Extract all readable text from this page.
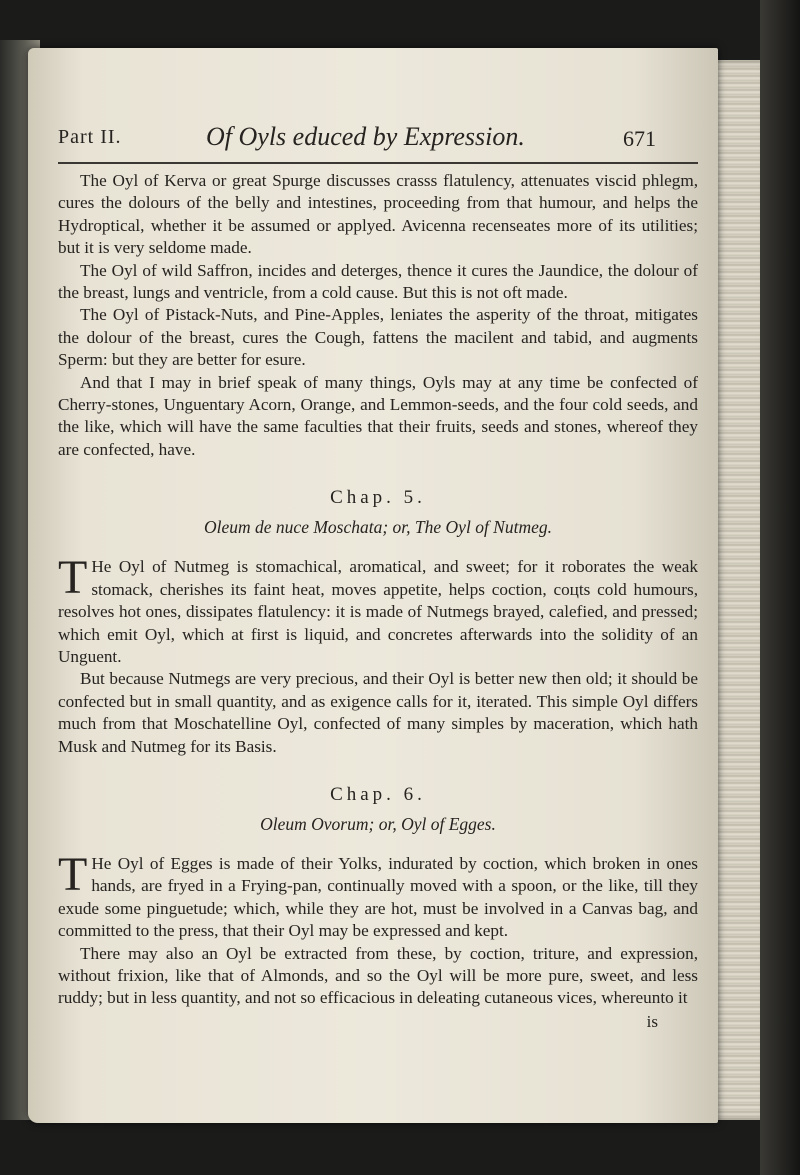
Part II.	Of Oyls educed by Expression.	671

The Oyl of Kerva or great Spurge discusses crasss flatulency, attenuates viscid phlegm, cures the dolours of the belly and intestines, proceeding from that humour, and helps the Hydroptical, whether it be assumed or applyed. Avicenna recenseates more of its utilities; but it is very seldome made.

The Oyl of wild Saffron, incides and deterges, thence it cures the Jaundice, the dolour of the breast, lungs and ventricle, from a cold cause. But this is not oft made.

The Oyl of Pistack-Nuts, and Pine-Apples, leniates the asperity of the throat, mitigates the dolour of the breast, cures the Cough, fattens the macilent and tabid, and augments Sperm: but they are better for esure.

And that I may in brief speak of many things, Oyls may at any time be confected of Cherry-stones, Unguentary Acorn, Orange, and Lemmon-seeds, and the four cold seeds, and the like, which will have the same faculties that their fruits, seeds and stones, whereof they are confected, have.

Chap. 5.
Oleum de nuce Moschata; or, The Oyl of Nutmeg.

T He Oyl of Nutmeg is stomachical, aromatical, and sweet; for it roborates the weak stomack, cherishes its faint heat, moves appetite, helps coction, coцts cold humours, resolves hot ones, dissipates flatulency: it is made of Nutmegs brayed, calefied, and pressed; which emit Oyl, which at first is liquid, and concretes afterwards into the solidity of an Unguent.

But because Nutmegs are very precious, and their Oyl is better new then old; it should be confected but in small quantity, and as exigence calls for it, iterated. This simple Oyl differs much from that Moschatelline Oyl, confected of many simples by maceration, which hath Musk and Nutmeg for its Basis.

Chap. 6.
Oleum Ovorum; or, Oyl of Egges.

T He Oyl of Egges is made of their Yolks, indurated by coction, which broken in ones hands, are fryed in a Frying-pan, continually moved with a spoon, or the like, till they exude some pinguetude; which, while they are hot, must be involved in a Canvas bag, and committed to the press, that their Oyl may be expressed and kept.

There may also an Oyl be extracted from these, by coction, triture, and expression, without frixion, like that of Almonds, and so the Oyl will be more pure, sweet, and less ruddy; but in less quantity, and not so efficacious in deleating cutaneous vices, whereunto it

is
